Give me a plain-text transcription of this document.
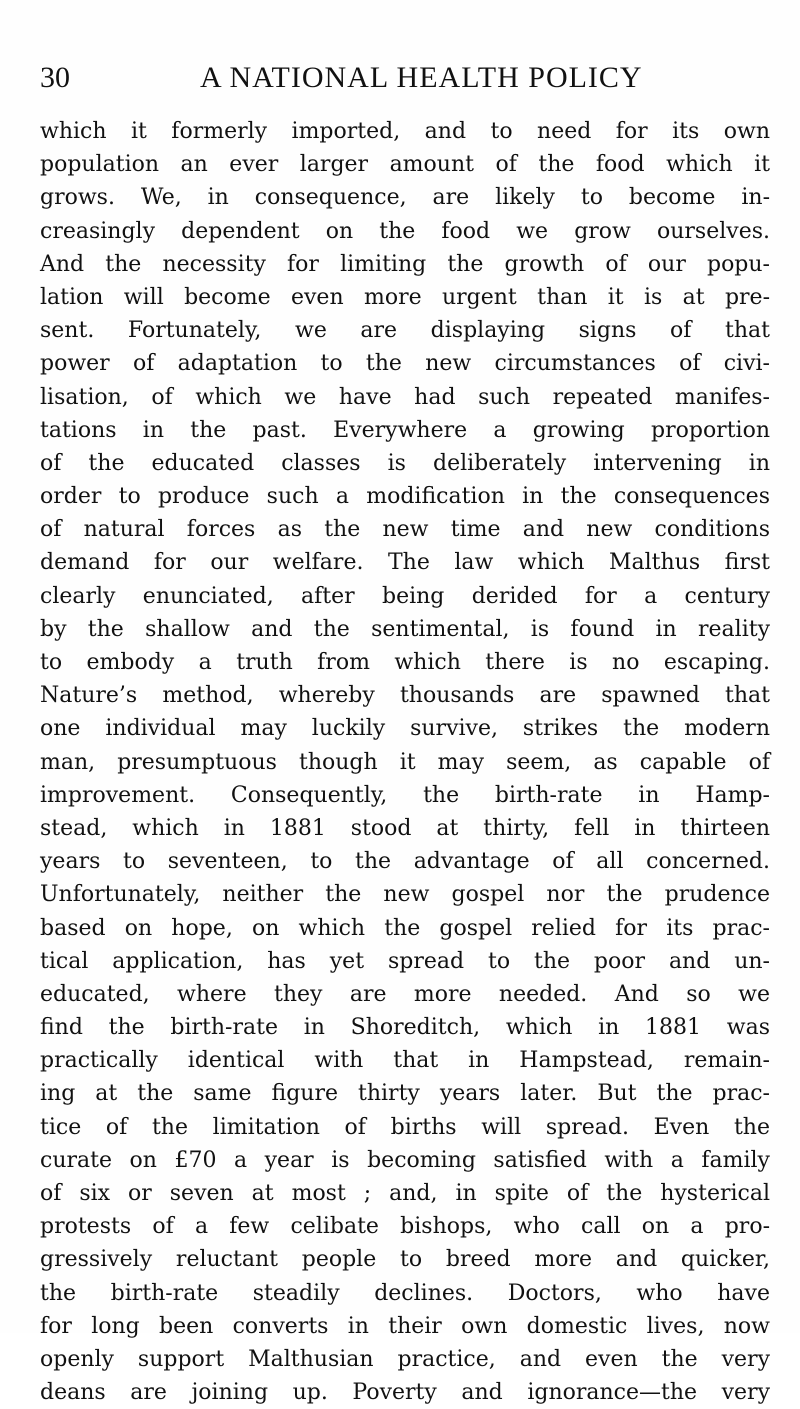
30	A NATIONAL HEALTH POLICY
which it formerly imported, and to need for its own
population an ever larger amount of the food which it
grows. We, in consequence, are likely to become in-
creasingly dependent on the food we grow ourselves.
And the necessity for limiting the growth of our popu-
lation will become even more urgent than it is at pre-
sent. Fortunately, we are displaying signs of that
power of adaptation to the new circumstances of civi-
lisation, of which we have had such repeated manifes-
tations in the past. Everywhere a growing proportion
of the educated classes is deliberately intervening in
order to produce such a modification in the consequences
of natural forces as the new time and new conditions
demand for our welfare. The law which Malthus first
clearly enunciated, after being derided for a century
by the shallow and the sentimental, is found in reality
to embody a truth from which there is no escaping.
Nature’s method, whereby thousands are spawned that
one individual may luckily survive, strikes the modern
man, presumptuous though it may seem, as capable of
improvement. Consequently, the birth-rate in Hamp-
stead, which in 1881 stood at thirty, fell in thirteen
years to seventeen, to the advantage of all concerned.
Unfortunately, neither the new gospel nor the prudence
based on hope, on which the gospel relied for its prac-
tical application, has yet spread to the poor and un-
educated, where they are more needed. And so we
find the birth-rate in Shoreditch, which in 1881 was
practically identical with that in Hampstead, remain-
ing at the same figure thirty years later. But the prac-
tice of the limitation of births will spread. Even the
curate on £70 a year is becoming satisfied with a family
of six or seven at most ; and, in spite of the hysterical
protests of a few celibate bishops, who call on a pro-
gressively reluctant people to breed more and quicker,
the birth-rate steadily declines. Doctors, who have
for long been converts in their own domestic lives, now
openly support Malthusian practice, and even the very
deans are joining up. Poverty and ignorance—the very
